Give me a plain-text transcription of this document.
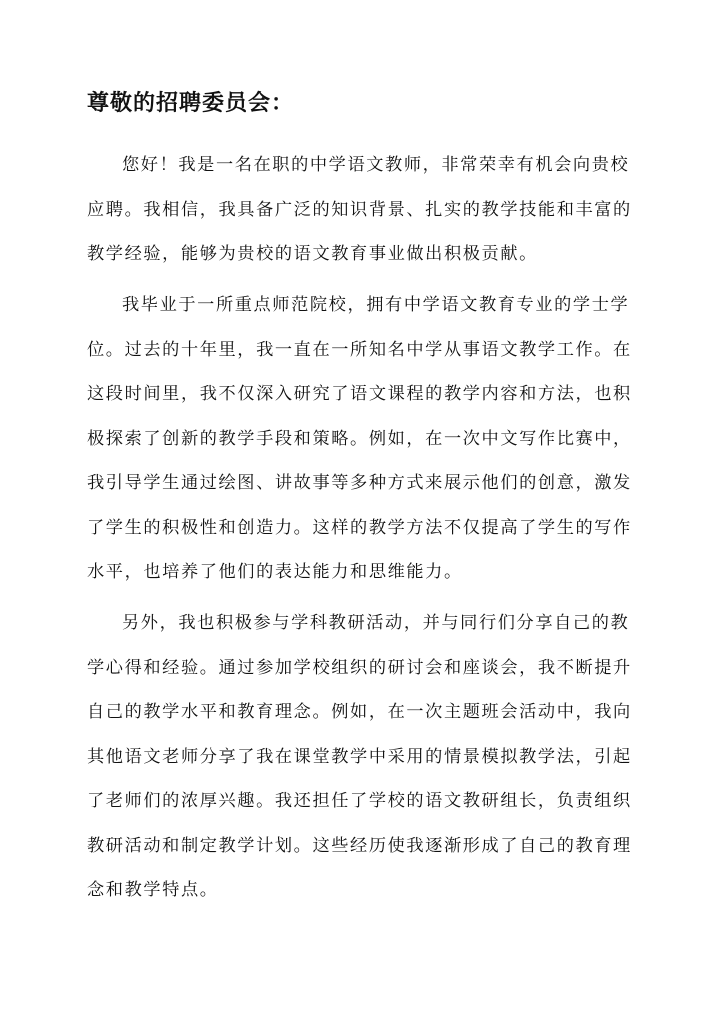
尊敬的招聘委员会：

您好！我是一名在职的中学语文教师，非常荣幸有机会向贵校
应聘。我相信，我具备广泛的知识背景、扎实的教学技能和丰富的
教学经验，能够为贵校的语文教育事业做出积极贡献。

我毕业于一所重点师范院校，拥有中学语文教育专业的学士学
位。过去的十年里，我一直在一所知名中学从事语文教学工作。在
这段时间里，我不仅深入研究了语文课程的教学内容和方法，也积
极探索了创新的教学手段和策略。例如，在一次中文写作比赛中，
我引导学生通过绘图、讲故事等多种方式来展示他们的创意，激发
了学生的积极性和创造力。这样的教学方法不仅提高了学生的写作
水平，也培养了他们的表达能力和思维能力。

另外，我也积极参与学科教研活动，并与同行们分享自己的教
学心得和经验。通过参加学校组织的研讨会和座谈会，我不断提升
自己的教学水平和教育理念。例如，在一次主题班会活动中，我向
其他语文老师分享了我在课堂教学中采用的情景模拟教学法，引起
了老师们的浓厚兴趣。我还担任了学校的语文教研组长，负责组织
教研活动和制定教学计划。这些经历使我逐渐形成了自己的教育理
念和教学特点。
